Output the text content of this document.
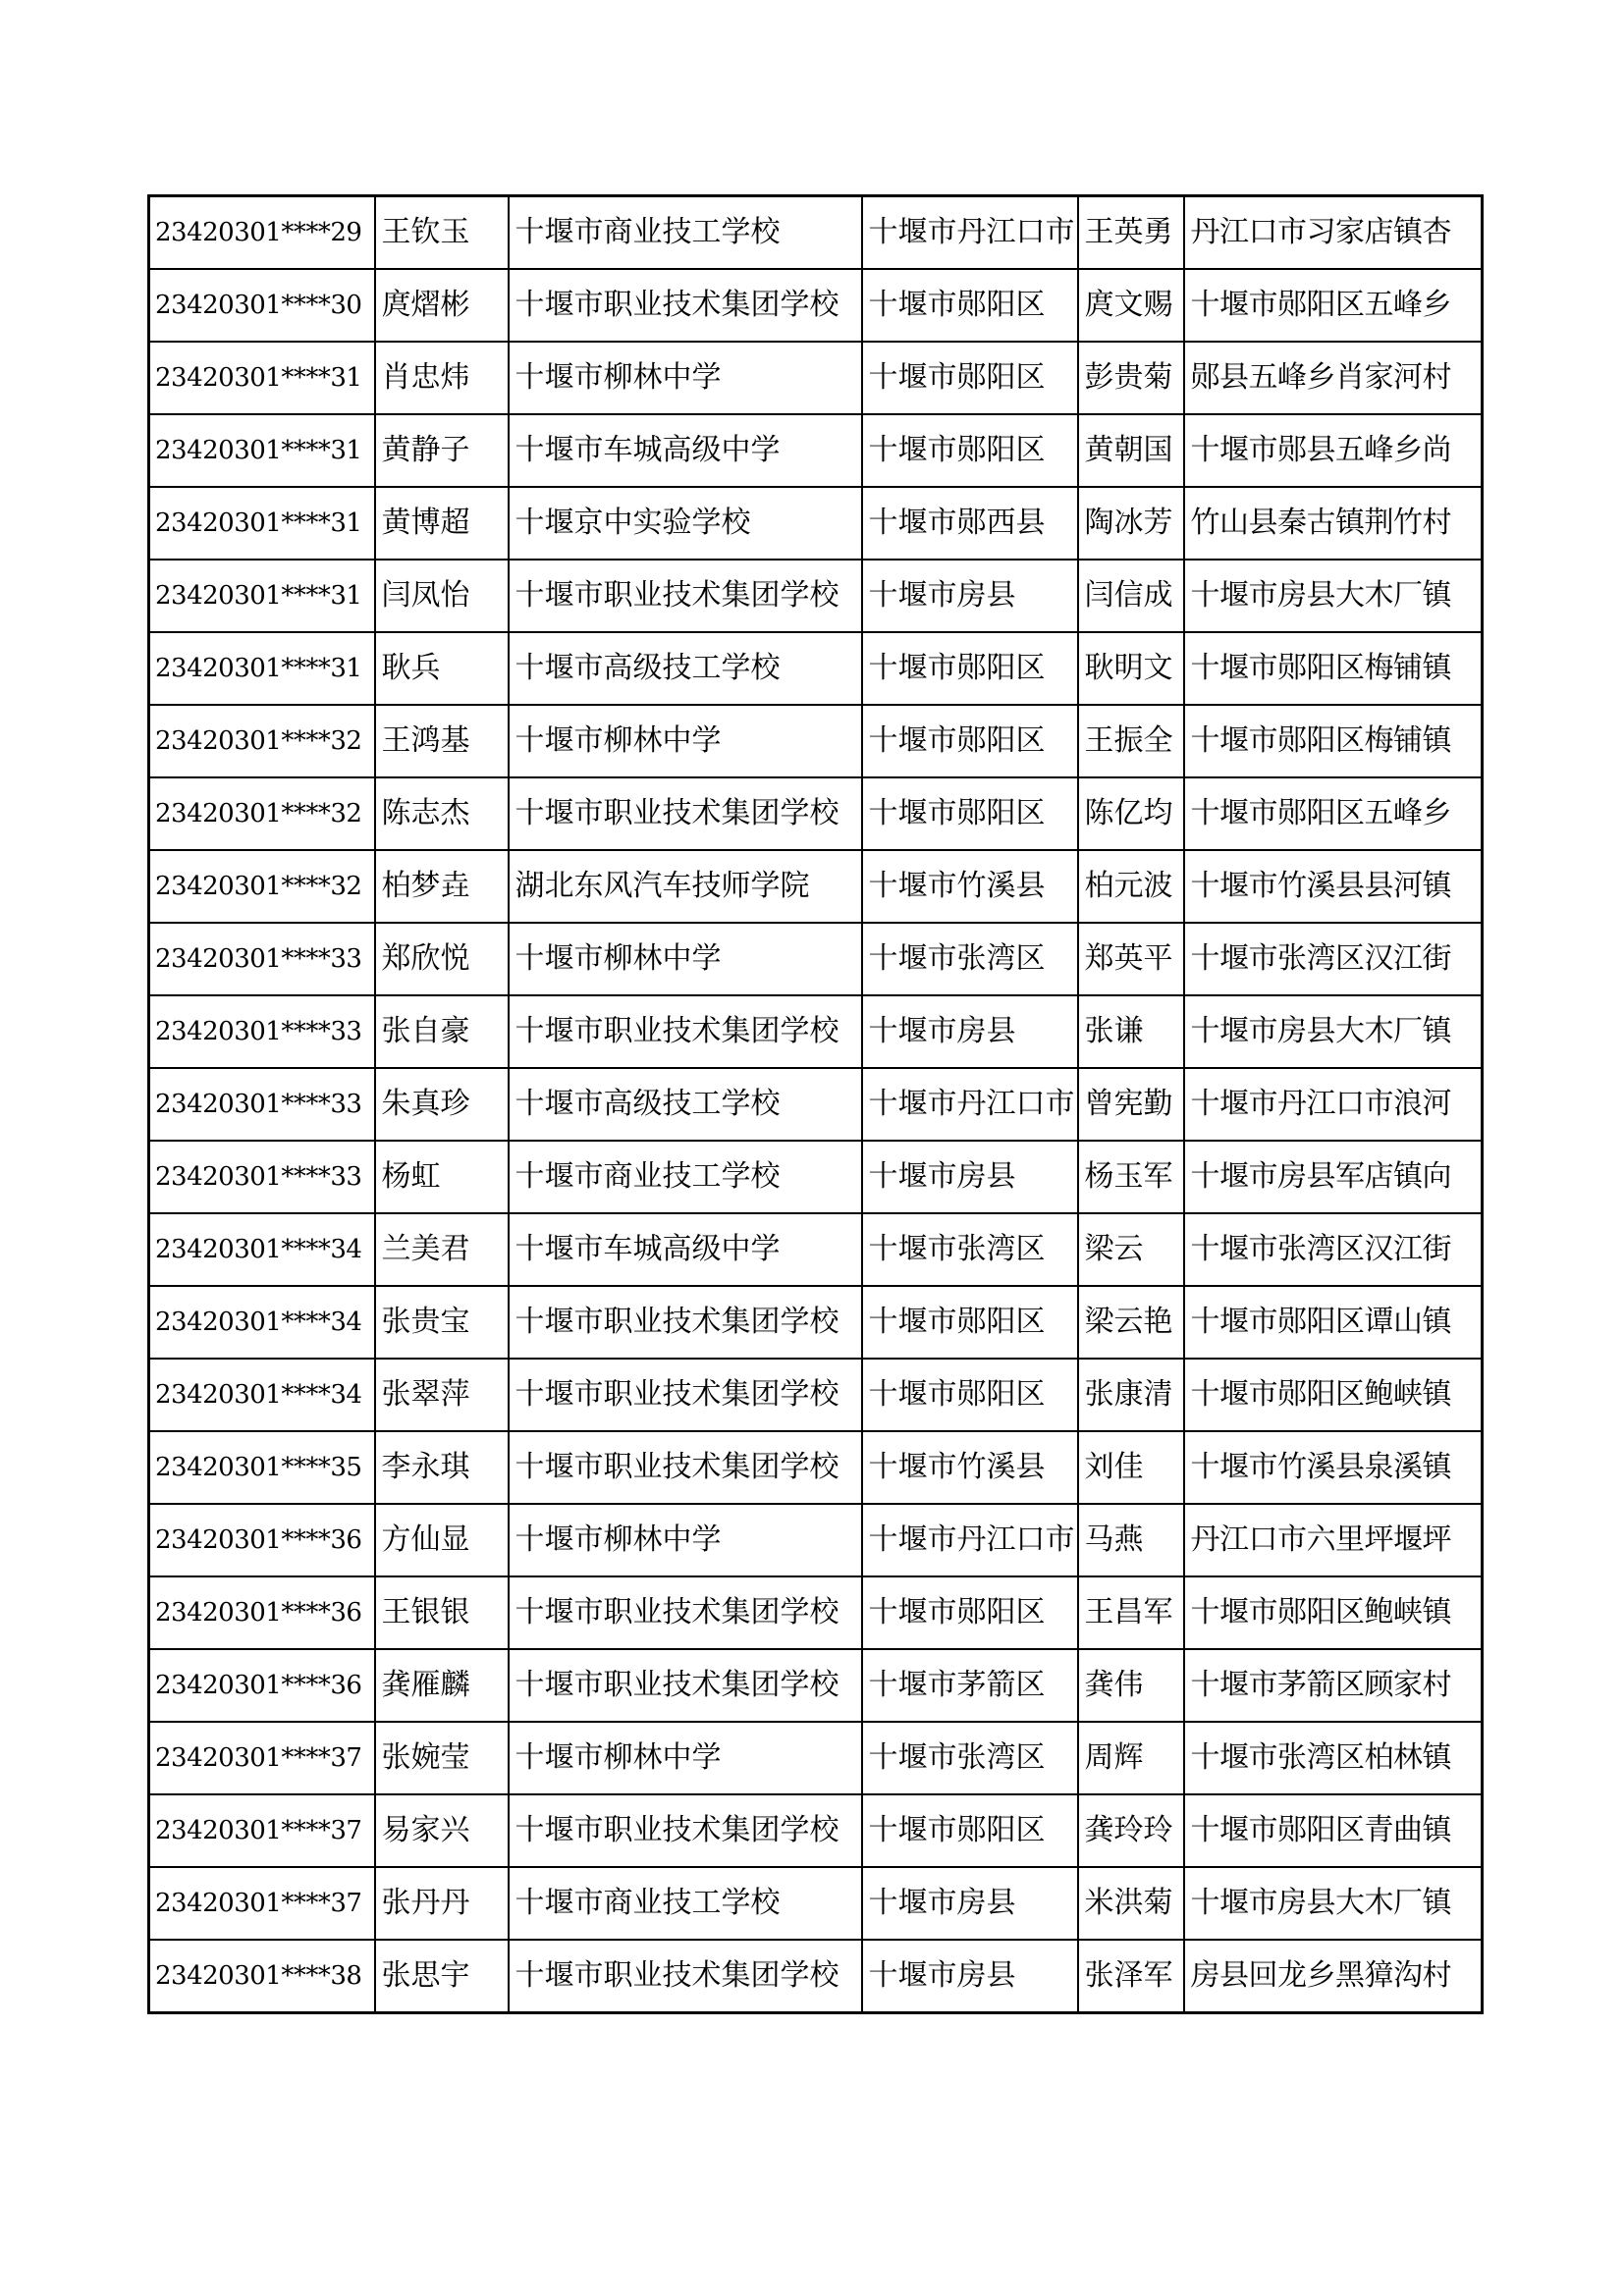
23420301****29	王钦玉	十堰市商业技工学校	十堰市丹江口市	王英勇	丹江口市习家店镇杏
23420301****30	庹熠彬	十堰市职业技术集团学校	十堰市郧阳区	庹文赐	十堰市郧阳区五峰乡
23420301****31	肖忠炜	十堰市柳林中学	十堰市郧阳区	彭贵菊	郧县五峰乡肖家河村
23420301****31	黄静子	十堰市车城高级中学	十堰市郧阳区	黄朝国	十堰市郧县五峰乡尚
23420301****31	黄博超	十堰京中实验学校	十堰市郧西县	陶冰芳	竹山县秦古镇荆竹村
23420301****31	闫凤怡	十堰市职业技术集团学校	十堰市房县	闫信成	十堰市房县大木厂镇
23420301****31	耿兵	十堰市高级技工学校	十堰市郧阳区	耿明文	十堰市郧阳区梅铺镇
23420301****32	王鸿基	十堰市柳林中学	十堰市郧阳区	王振全	十堰市郧阳区梅铺镇
23420301****32	陈志杰	十堰市职业技术集团学校	十堰市郧阳区	陈亿均	十堰市郧阳区五峰乡
23420301****32	柏梦垚	湖北东风汽车技师学院	十堰市竹溪县	柏元波	十堰市竹溪县县河镇
23420301****33	郑欣悦	十堰市柳林中学	十堰市张湾区	郑英平	十堰市张湾区汉江街
23420301****33	张自豪	十堰市职业技术集团学校	十堰市房县	张谦	十堰市房县大木厂镇
23420301****33	朱真珍	十堰市高级技工学校	十堰市丹江口市	曾宪勤	十堰市丹江口市浪河
23420301****33	杨虹	十堰市商业技工学校	十堰市房县	杨玉军	十堰市房县军店镇向
23420301****34	兰美君	十堰市车城高级中学	十堰市张湾区	梁云	十堰市张湾区汉江街
23420301****34	张贵宝	十堰市职业技术集团学校	十堰市郧阳区	梁云艳	十堰市郧阳区谭山镇
23420301****34	张翠萍	十堰市职业技术集团学校	十堰市郧阳区	张康清	十堰市郧阳区鲍峡镇
23420301****35	李永琪	十堰市职业技术集团学校	十堰市竹溪县	刘佳	十堰市竹溪县泉溪镇
23420301****36	方仙显	十堰市柳林中学	十堰市丹江口市	马燕	丹江口市六里坪堰坪
23420301****36	王银银	十堰市职业技术集团学校	十堰市郧阳区	王昌军	十堰市郧阳区鲍峡镇
23420301****36	龚雁麟	十堰市职业技术集团学校	十堰市茅箭区	龚伟	十堰市茅箭区顾家村
23420301****37	张婉莹	十堰市柳林中学	十堰市张湾区	周辉	十堰市张湾区柏林镇
23420301****37	易家兴	十堰市职业技术集团学校	十堰市郧阳区	龚玲玲	十堰市郧阳区青曲镇
23420301****37	张丹丹	十堰市商业技工学校	十堰市房县	米洪菊	十堰市房县大木厂镇
23420301****38	张思宇	十堰市职业技术集团学校	十堰市房县	张泽军	房县回龙乡黑獐沟村
